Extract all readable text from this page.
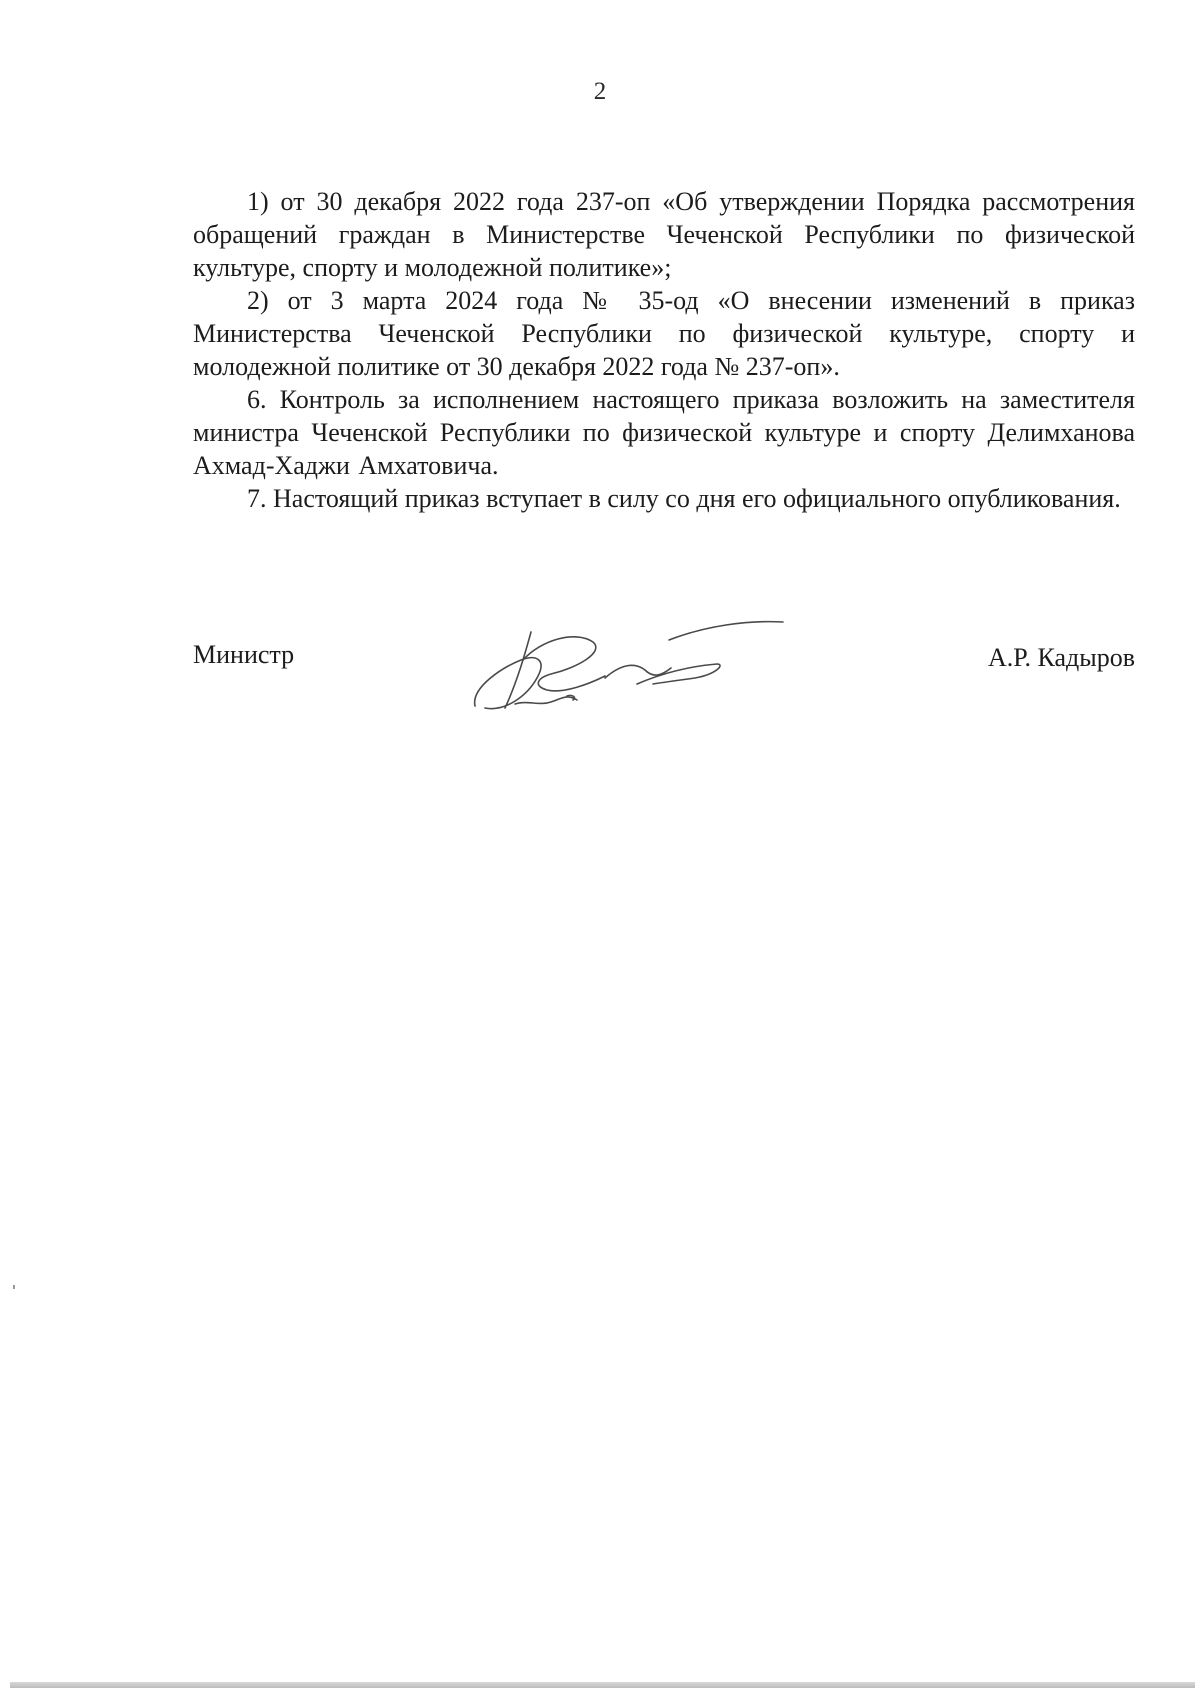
2

1) от 30 декабря 2022 года 237-оп «Об утверждении Порядка рассмотрения обращений граждан в Министерстве Чеченской Республики по физической культуре, спорту и молодежной политике»;

2) от 3 марта 2024 года № 35-од «О внесении изменений в приказ Министерства Чеченской Республики по физической культуре, спорту и молодежной политике от 30 декабря 2022 года № 237-оп».

6. Контроль за исполнением настоящего приказа возложить на заместителя министра Чеченской Республики по физической культуре и спорту Делимханова Ахмад-Хаджи Амхатовича.

7. Настоящий приказ вступает в силу со дня его официального опубликования.

Министр	А.Р. Кадыров
